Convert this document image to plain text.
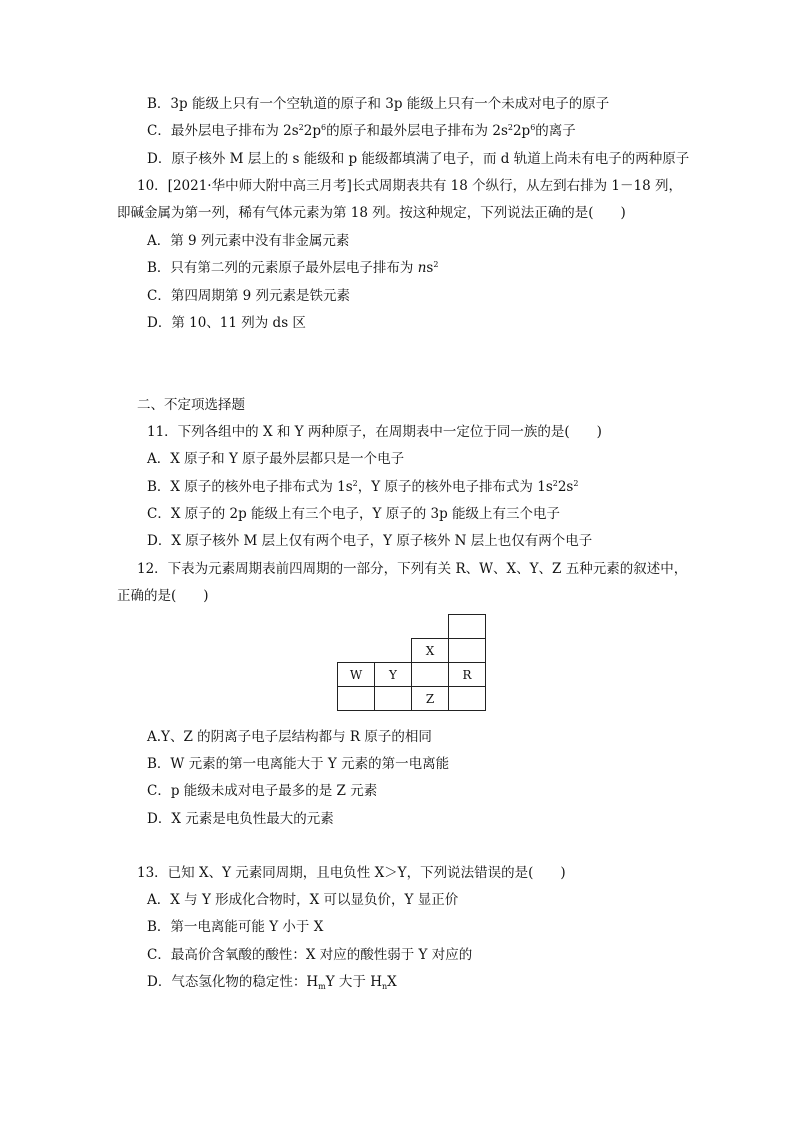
B．3p 能级上只有一个空轨道的原子和 3p 能级上只有一个未成对电子的原子
C．最外层电子排布为 $2s^22p^6$的原子和最外层电子排布为 $2s^22p^6$的离子
D．原子核外 M 层上的 s 能级和 p 能级都填满了电子，而 d 轨道上尚未有电子的两种原子
10．[2021·华中师大附中高三月考]长式周期表共有 18 个纵行，从左到右排为 1－18 列，
即碱金属为第一列，稀有气体元素为第 18 列。按这种规定，下列说法正确的是(　　)
A．第 9 列元素中没有非金属元素
B．只有第二列的元素原子最外层电子排布为 $ns^2$
C．第四周期第 9 列元素是铁元素
D．第 10、11 列为 ds 区
二、不定项选择题
11．下列各组中的 X 和 Y 两种原子，在周期表中一定位于同一族的是(　　)
A．X 原子和 Y 原子最外层都只是一个电子
B．X 原子的核外电子排布式为 $1s^2$，Y 原子的核外电子排布式为 $1s^22s^2$
C．X 原子的 2p 能级上有三个电子，Y 原子的 3p 能级上有三个电子
D．X 原子核外 M 层上仅有两个电子，Y 原子核外 N 层上也仅有两个电子
12．下表为元素周期表前四周期的一部分，下列有关 R、W、X、Y、Z 五种元素的叙述中，
正确的是(　　)

		X	
W	Y		R
		Z	
A.Y、Z 的阴离子电子层结构都与 R 原子的相同
B．W 元素的第一电离能大于 Y 元素的第一电离能
C．p 能级未成对电子最多的是 Z 元素
D．X 元素是电负性最大的元素
13．已知 X、Y 元素同周期，且电负性 X＞Y，下列说法错误的是(　　)
A．X 与 Y 形成化合物时，X 可以显负价，Y 显正价
B．第一电离能可能 Y 小于 X
C．最高价含氧酸的酸性：X 对应的酸性弱于 Y 对应的
D．气态氢化物的稳定性：$H_mY$ 大于 $H_nX$
